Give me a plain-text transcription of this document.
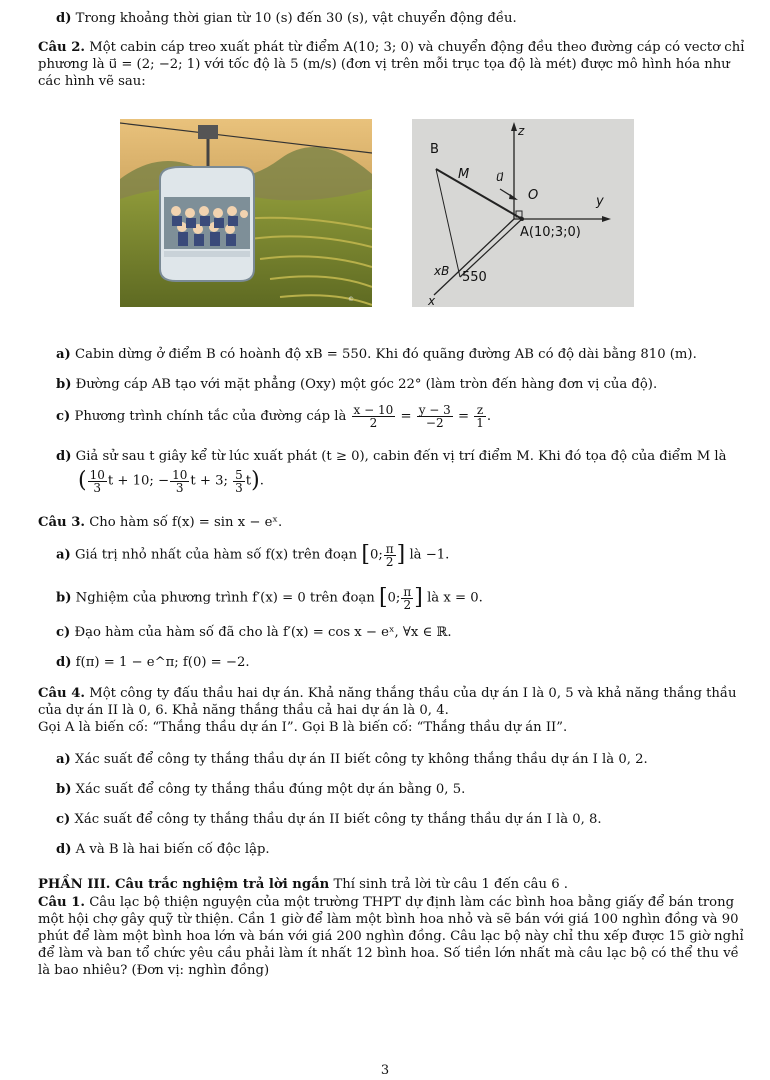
d) Trong khoảng thời gian từ 10 (s) đến 30 (s), vật chuyển động đều.
Câu 2. Một cabin cáp treo xuất phát từ điểm A(10; 3; 0) và chuyển động đều theo đường cáp có vectơ chỉ
phương là u⃗ = (2; −2; 1) với tốc độ là 5 (m/s) (đơn vị trên mỗi trục tọa độ là mét) được mô hình hóa như
các hình vẽ sau:
©
B
M u⃗
O	y
z
A(10;3;0)
xB 550
x
a) Cabin dừng ở điểm B có hoành độ xB = 550. Khi đó quãng đường AB có độ dài bằng 810 (m).
b) Đường cáp AB tạo với mặt phẳng (Oxy) một góc 22° (làm tròn đến hàng đơn vị của độ).
c) Phương trình chính tắc của đường cáp là $\frac{x - 10}{2} = \frac{y - 3}{-2} = \frac{z}{1}$ .
d) Giả sử sau t giây kể từ lúc xuất phát (t ≥ 0), cabin đến vị trí điểm M. Khi đó tọa độ của điểm M là
( $\frac{10}{3}$ t + 10; − $\frac{10}{3}$ t + 3; $\frac{5}{3} t$).
Câu 3. Cho hàm số f(x) = sin x − eˣ.
a) Giá trị nhỏ nhất của hàm số f(x) trên đoạn [0; $\frac{\pi}{2}$ ] là −1.
b) Nghiệm của phương trình f′(x) = 0 trên đoạn [0; $\frac{\pi}{2}$ ] là x = 0.
c) Đạo hàm của hàm số đã cho là f′(x) = cos x − eˣ, ∀x ∈ ℝ.
d) f(π) = 1 − e^π; f(0) = −2.
Câu 4. Một công ty đấu thầu hai dự án. Khả năng thắng thầu của dự án I là 0, 5 và khả năng thắng thầu
của dự án II là 0, 6. Khả năng thắng thầu cả hai dự án là 0, 4.
Gọi A là biến cố: “Thắng thầu dự án I”. Gọi B là biến cố: “Thắng thầu dự án II”.
a) Xác suất để công ty thắng thầu dự án II biết công ty không thắng thầu dự án I là 0, 2.
b) Xác suất để công ty thắng thầu đúng một dự án bằng 0, 5.
c) Xác suất để công ty thắng thầu dự án II biết công ty thắng thầu dự án I là 0, 8.
d) A và B là hai biến cố độc lập.
PHẦN III. Câu trắc nghiệm trả lời ngắn Thí sinh trả lời từ câu 1 đến câu 6 .
Câu 1. Câu lạc bộ thiện nguyện của một trường THPT dự định làm các bình hoa bằng giấy để bán trong
một hội chợ gây quỹ từ thiện. Cần 1 giờ để làm một bình hoa nhỏ và sẽ bán với giá 100 nghìn đồng và 90
phút để làm một bình hoa lớn và bán với giá 200 nghìn đồng. Câu lạc bộ này chỉ thu xếp được 15 giờ nghỉ
để làm và ban tổ chức yêu cầu phải làm ít nhất 12 bình hoa. Số tiền lớn nhất mà câu lạc bộ có thể thu về
là bao nhiêu? (Đơn vị: nghìn đồng)
3
